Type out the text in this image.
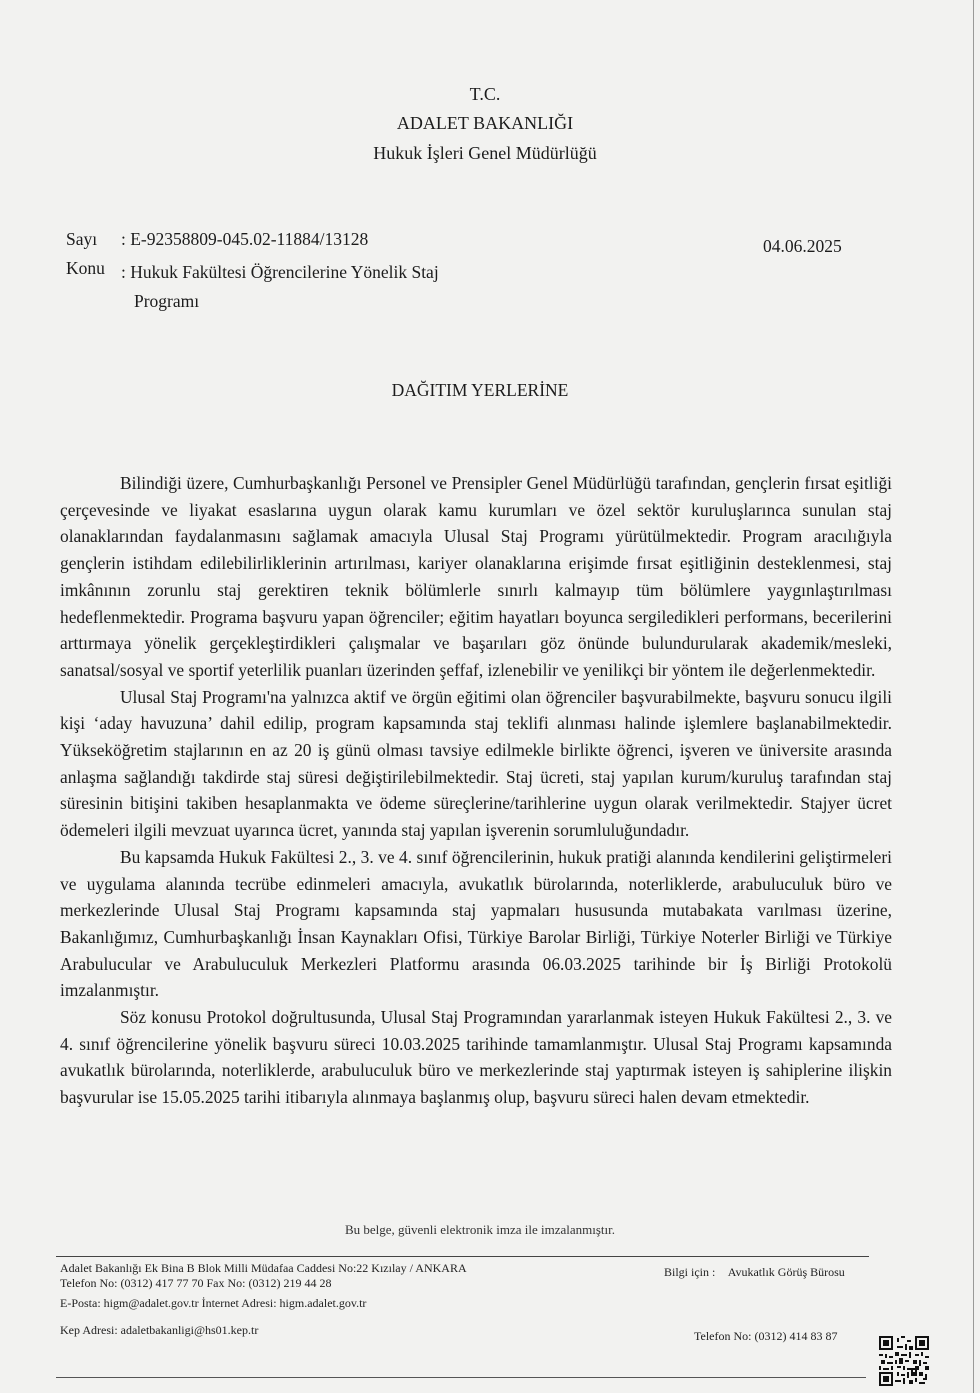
T.C.
ADALET BAKANLIĞI
Hukuk İşleri Genel Müdürlüğü
Sayı : E-92358809-045.02-11884/13128
Konu : Hukuk Fakültesi Öğrencilerine Yönelik Staj
Programı
04.06.2025
DAĞITIM YERLERİNE

Bilindiği üzere, Cumhurbaşkanlığı Personel ve Prensipler Genel Müdürlüğü tarafından, gençlerin fırsat eşitliği çerçevesinde ve liyakat esaslarına uygun olarak kamu kurumları ve özel sektör kuruluşlarınca sunulan staj olanaklarından faydalanmasını sağlamak amacıyla Ulusal Staj Programı yürütülmektedir. Program aracılığıyla gençlerin istihdam edilebilirliklerinin artırılması, kariyer olanaklarına erişimde fırsat eşitliğinin desteklenmesi, staj imkânının zorunlu staj gerektiren teknik bölümlerle sınırlı kalmayıp tüm bölümlere yaygınlaştırılması hedeflenmektedir. Programa başvuru yapan öğrenciler; eğitim hayatları boyunca sergiledikleri performans, becerilerini arttırmaya yönelik gerçekleştirdikleri çalışmalar ve başarıları göz önünde bulundurularak akademik/mesleki, sanatsal/sosyal ve sportif yeterlilik puanları üzerinden şeffaf, izlenebilir ve yenilikçi bir yöntem ile değerlenmektedir.

Ulusal Staj Programı'na yalnızca aktif ve örgün eğitimi olan öğrenciler başvurabilmekte, başvuru sonucu ilgili kişi ‘aday havuzuna’ dahil edilip, program kapsamında staj teklifi alınması halinde işlemlere başlanabilmektedir. Yükseköğretim stajlarının en az 20 iş günü olması tavsiye edilmekle birlikte öğrenci, işveren ve üniversite arasında anlaşma sağlandığı takdirde staj süresi değiştirilebilmektedir. Staj ücreti, staj yapılan kurum/kuruluş tarafından staj süresinin bitişini takiben hesaplanmakta ve ödeme süreçlerine/tarihlerine uygun olarak verilmektedir. Stajyer ücret ödemeleri ilgili mevzuat uyarınca ücret, yanında staj yapılan işverenin sorumluluğundadır.

Bu kapsamda Hukuk Fakültesi 2., 3. ve 4. sınıf öğrencilerinin, hukuk pratiği alanında kendilerini geliştirmeleri ve uygulama alanında tecrübe edinmeleri amacıyla, avukatlık bürolarında, noterliklerde, arabuluculuk büro ve merkezlerinde Ulusal Staj Programı kapsamında staj yapmaları hususunda mutabakata varılması üzerine, Bakanlığımız, Cumhurbaşkanlığı İnsan Kaynakları Ofisi, Türkiye Barolar Birliği, Türkiye Noterler Birliği ve Türkiye Arabulucular ve Arabuluculuk Merkezleri Platformu arasında 06.03.2025 tarihinde bir İş Birliği Protokolü imzalanmıştır.

Söz konusu Protokol doğrultusunda, Ulusal Staj Programından yararlanmak isteyen Hukuk Fakültesi 2., 3. ve 4. sınıf öğrencilerine yönelik başvuru süreci 10.03.2025 tarihinde tamamlanmıştır. Ulusal Staj Programı kapsamında avukatlık bürolarında, noterliklerde, arabuluculuk büro ve merkezlerinde staj yaptırmak isteyen iş sahiplerine ilişkin başvurular ise 15.05.2025 tarihi itibarıyla alınmaya başlanmış olup, başvuru süreci halen devam etmektedir.

Bu belge, güvenli elektronik imza ile imzalanmıştır.
Adalet Bakanlığı Ek Bina B Blok Milli Müdafaa Caddesi No:22 Kızılay / ANKARA
Telefon No: (0312) 417 77 70 Fax No: (0312) 219 44 28
E-Posta: higm@adalet.gov.tr İnternet Adresi: higm.adalet.gov.tr
Kep Adresi: adaletbakanligi@hs01.kep.tr
Bilgi için : Avukatlık Görüş Bürosu
Telefon No: (0312) 414 83 87
